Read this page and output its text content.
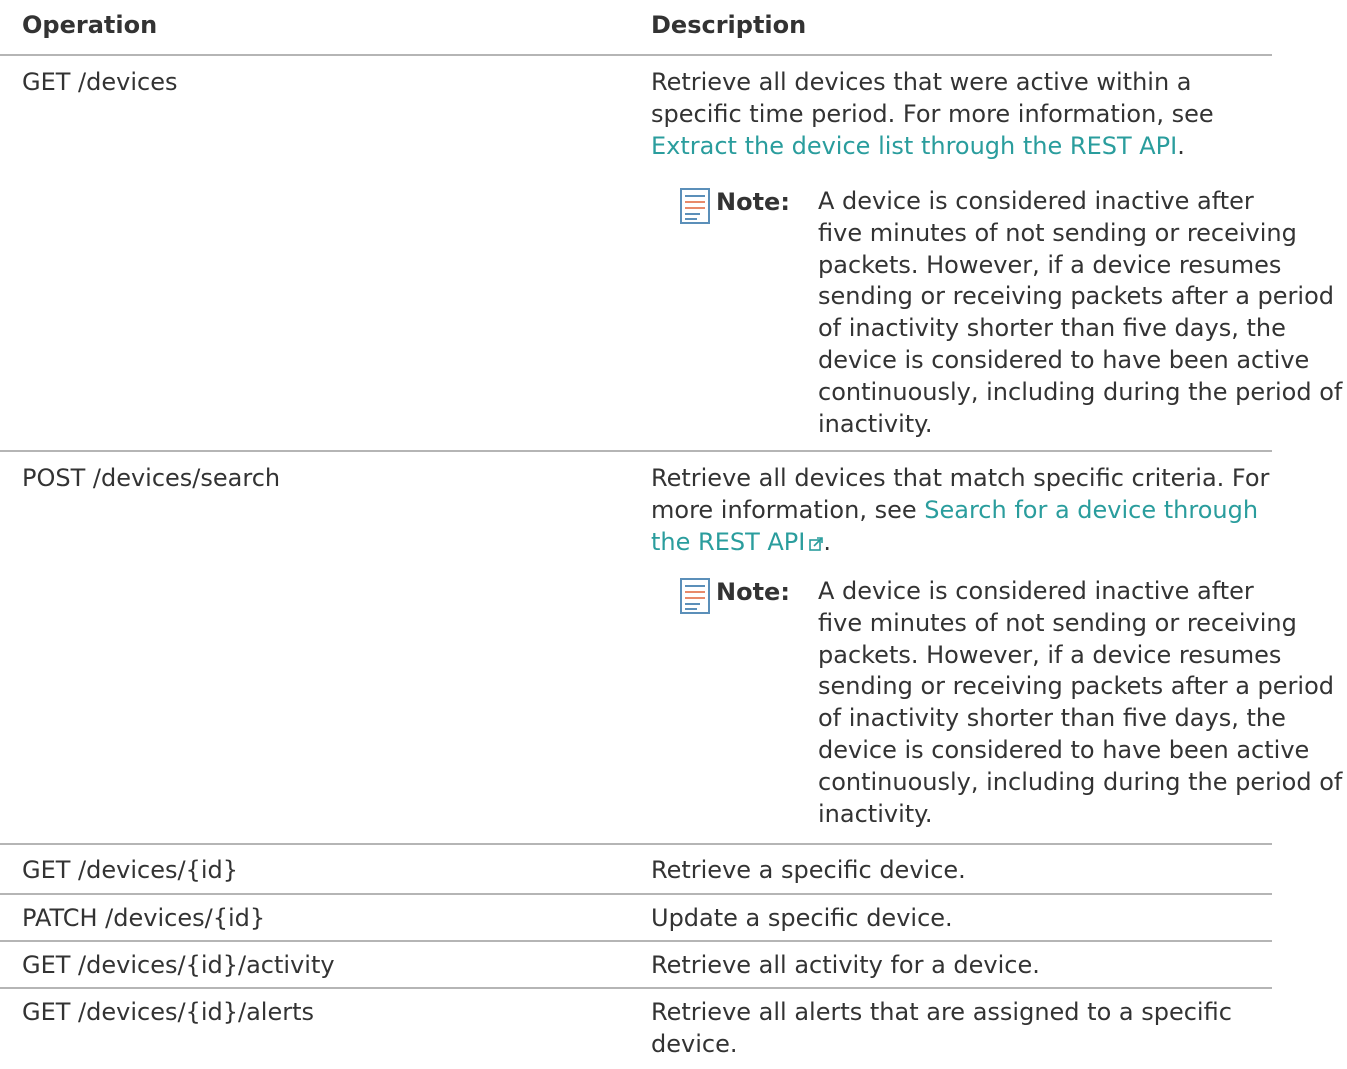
Operation	Description
GET /devices	Retrieve all devices that were active within a
specific time period. For more information, see
Extract the device list through the REST API.
Note: A device is considered inactive after
five minutes of not sending or receiving
packets. However, if a device resumes
sending or receiving packets after a period
of inactivity shorter than five days, the
device is considered to have been active
continuously, including during the period of
inactivity.
POST /devices/search	Retrieve all devices that match specific criteria. For
more information, see Search for a device through
the REST API .
Note: A device is considered inactive after
five minutes of not sending or receiving
packets. However, if a device resumes
sending or receiving packets after a period
of inactivity shorter than five days, the
device is considered to have been active
continuously, including during the period of
inactivity.
GET /devices/{id}	Retrieve a specific device.
PATCH /devices/{id}	Update a specific device.
GET /devices/{id}/activity	Retrieve all activity for a device.
GET /devices/{id}/alerts	Retrieve all alerts that are assigned to a specific
device.
